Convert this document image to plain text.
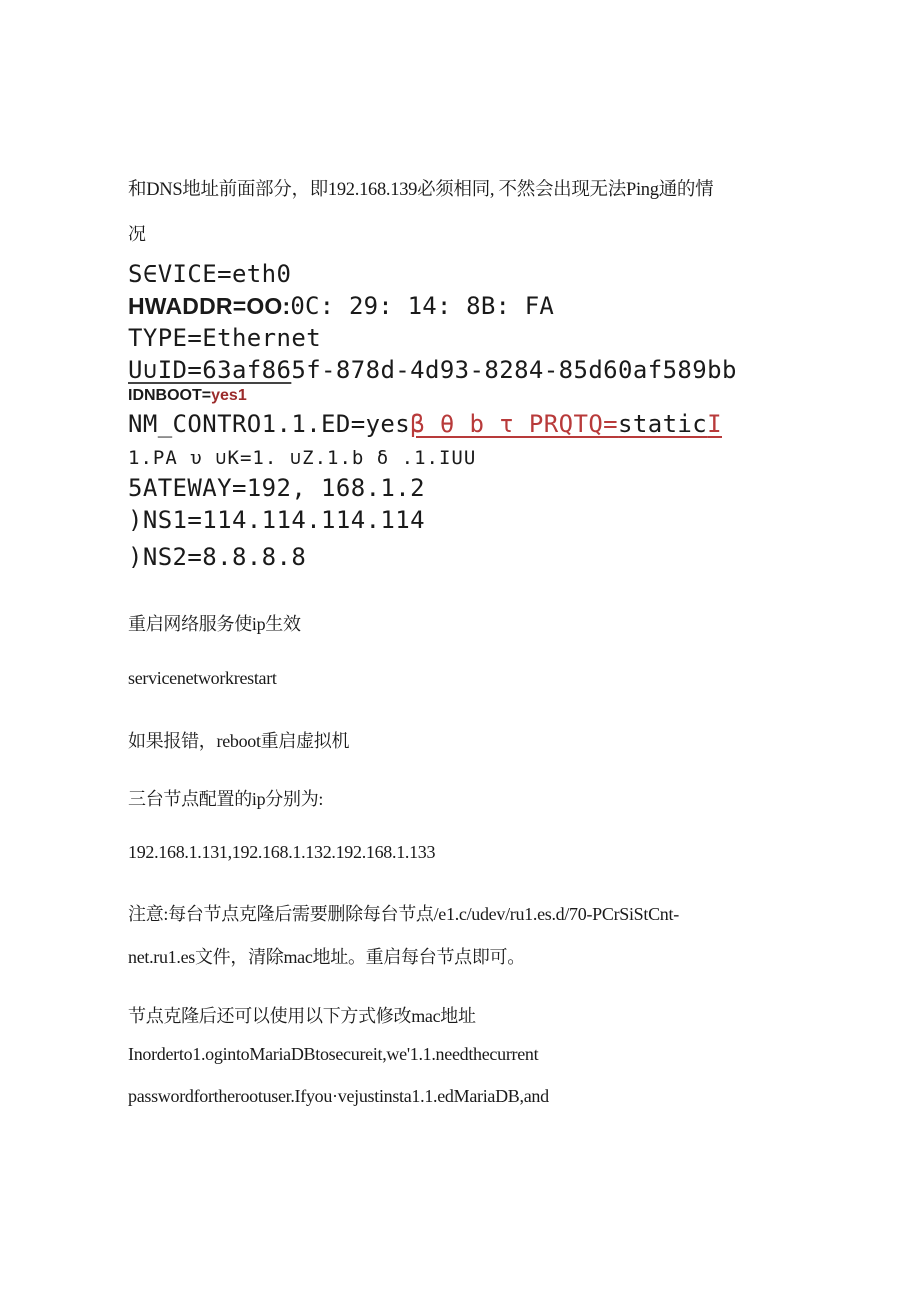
和DNS地址前面部分，即192.168.139必须相同, 不然会出现无法Ping通的情
况
S∈VICE=eth0
HWADDR=OO:0C: 29: 14: 8B: FA
TYPE=Ethernet
U∪ID=63af865f-878d-4d93-8284-85d60af589bb
IDNBOOT=yes1
NM_CONTRO1.1.ED=yesβ θ b τ PRQTQ=staticI
1.PA υ ∪K=1. ∪Z.1.b δ .1.IUU
5ATEWAY=192, 168.1.2
)NS1=114.114.114.114
)NS2=8.8.8.8
重启网络服务使ip生效
servicenetworkrestart
如果报错，reboot重启虚拟机
三台节点配置的ip分别为:
192.168.1.131,192.168.1.132.192.168.1.133
注意:每台节点克隆后需要删除每台节点/e1.c/udev/ru1.es.d/70-PCrSiStCnt-
net.ru1.es文件，清除mac地址。重启每台节点即可。
节点克隆后还可以使用以下方式修改mac地址
Inorderto1.ogintoMariaDBtosecureit,we'1.1.needthecurrent
passwordfortherootuser.Ifyou·vejustinsta1.1.edMariaDB,and
